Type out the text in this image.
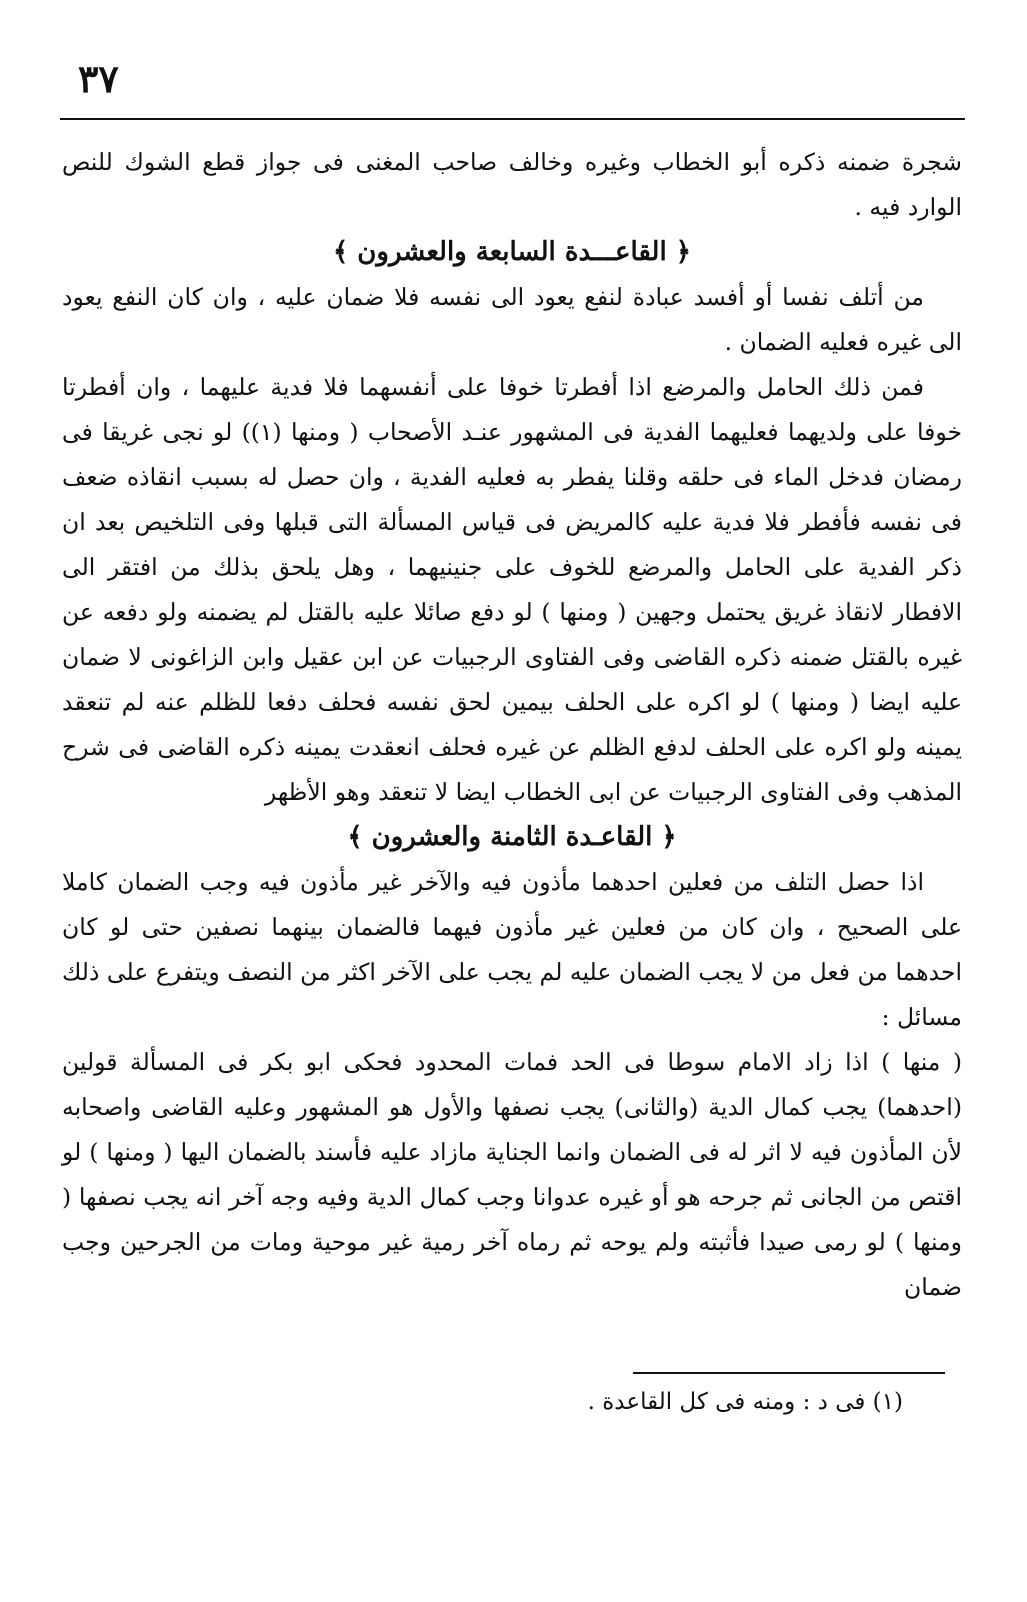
٣٧

شجرة ضمنه ذكره أبو الخطاب وغيره وخالف صاحب المغنى فى جواز قطع الشوك للنص الوارد فيه .

﴿ القاعـــدة السابعة والعشرون ﴾

من أتلف نفسا أو أفسد عبادة لنفع يعود الى نفسه فلا ضمان عليه ، وان كان النفع يعود الى غيره فعليه الضمان .

فمن ذلك الحامل والمرضع اذا أفطرتا خوفا على أنفسهما فلا فدية عليهما ، وان أفطرتا خوفا على ولديهما فعليهما الفدية فى المشهور عنـد الأصحاب ( ومنها (١)) لو نجى غريقا فى رمضان فدخل الماء فى حلقه وقلنا يفطر به فعليه الفدية ، وان حصل له بسبب انقاذه ضعف فى نفسه فأفطر فلا فدية عليه كالمريض فى قياس المسألة التى قبلها وفى التلخيص بعد ان ذكر الفدية على الحامل والمرضع للخوف على جنينيهما ، وهل يلحق بذلك من افتقر الى الافطار لانقاذ غريق يحتمل وجهين ( ومنها ) لو دفع صائلا عليه بالقتل لم يضمنه ولو دفعه عن غيره بالقتل ضمنه ذكره القاضى وفى الفتاوى الرجبيات عن ابن عقيل وابن الزاغونى لا ضمان عليه ايضا ( ومنها ) لو اكره على الحلف بيمين لحق نفسه فحلف دفعا للظلم عنه لم تنعقد يمينه ولو اكره على الحلف لدفع الظلم عن غيره فحلف انعقدت يمينه ذكره القاضى فى شرح المذهب وفى الفتاوى الرجبيات عن ابى الخطاب ايضا لا تنعقد وهو الأظهر

﴿ القاعـدة الثامنة والعشرون ﴾

اذا حصل التلف من فعلين احدهما مأذون فيه والآخر غير مأذون فيه وجب الضمان كاملا على الصحيح ، وان كان من فعلين غير مأذون فيهما فالضمان بينهما نصفين حتى لو كان احدهما من فعل من لا يجب الضمان عليه لم يجب على الآخر اكثر من النصف ويتفرع على ذلك مسائل :

( منها ) اذا زاد الامام سوطا فى الحد فمات المحدود فحكى ابو بكر فى المسألة قولين (احدهما) يجب كمال الدية (والثانى) يجب نصفها والأول هو المشهور وعليه القاضى واصحابه لأن المأذون فيه لا اثر له فى الضمان وانما الجناية مازاد عليه فأسند بالضمان اليها ( ومنها ) لو اقتص من الجانى ثم جرحه هو أو غيره عدوانا وجب كمال الدية وفيه وجه آخر انه يجب نصفها ( ومنها ) لو رمى صيدا فأثبته ولم يوحه ثم رماه آخر رمية غير موحية ومات من الجرحين وجب ضمان

(١) فى د : ومنه فى كل القاعدة .
